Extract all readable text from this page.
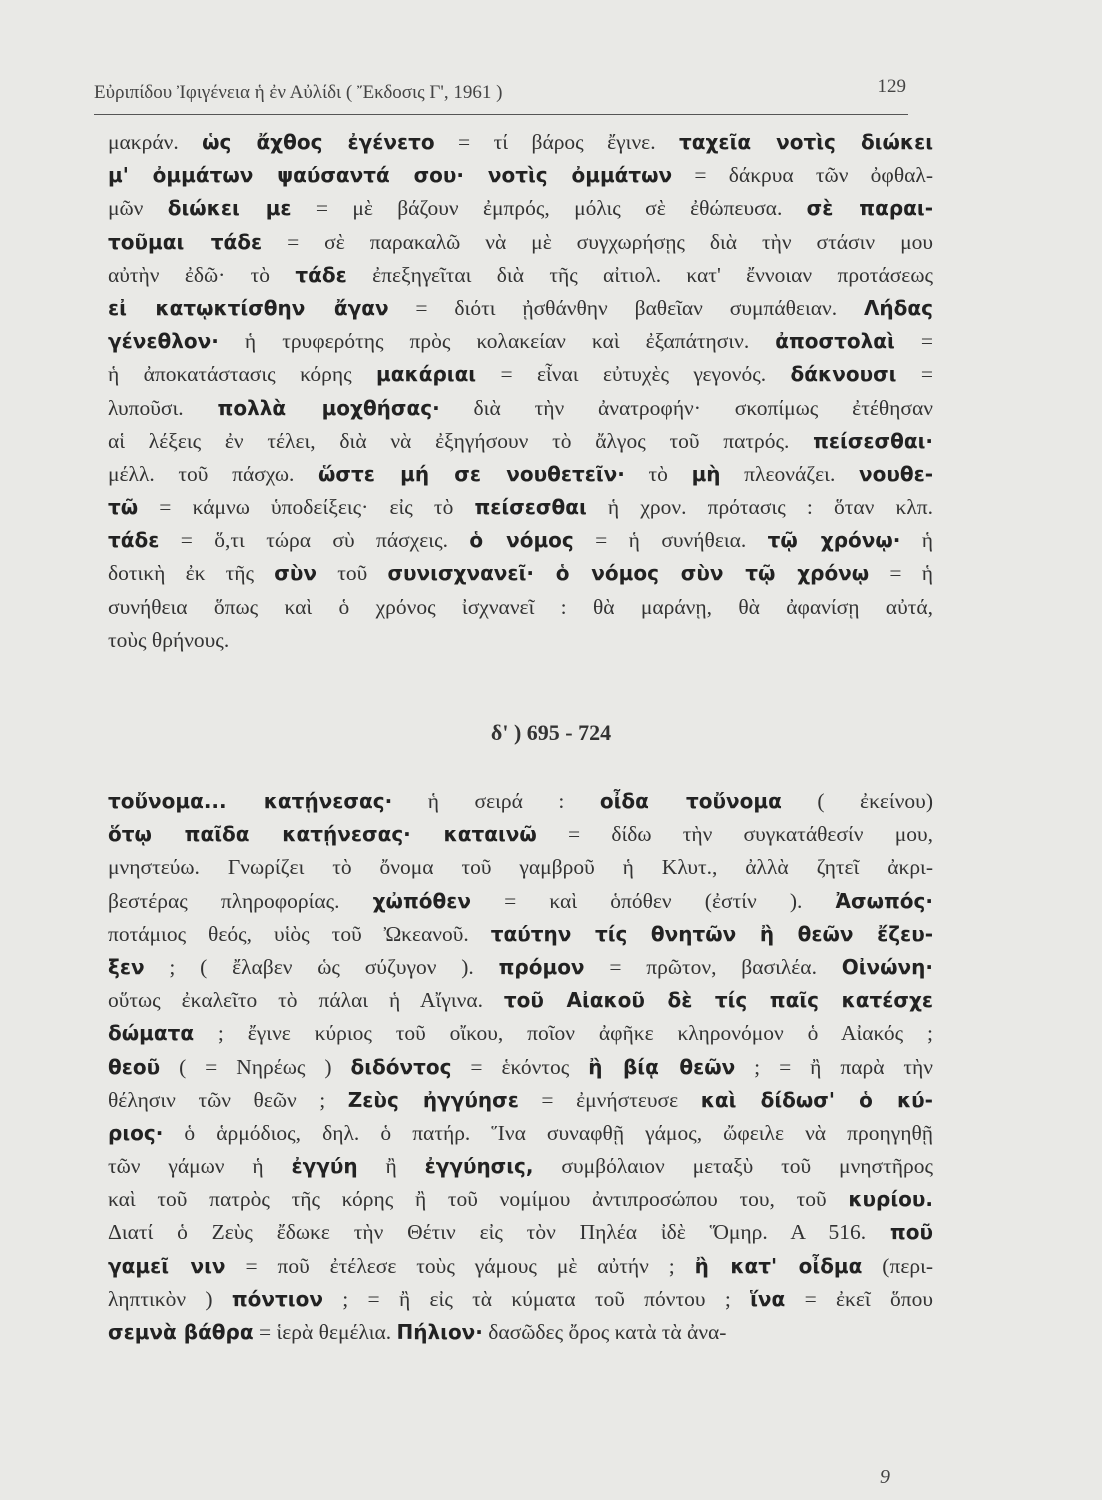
Εὐριπίδου Ἰφιγένεια ἡ ἐν Αὐλίδι ( Ἔκδοσις Γ', 1961 )	129
μακράν. ὡς ἄχθος ἐγένετο = τί βάρος ἔγινε. ταχεῖα νοτὶς διώκει
μ' ὀμμάτων ψαύσαντά σου· νοτὶς ὀμμάτων = δάκρυα τῶν ὀφθαλ-
μῶν διώκει με = μὲ βάζουν ἐμπρός, μόλις σὲ ἐθώπευσα. σὲ παραι-
τοῦμαι τάδε = σὲ παρακαλῶ νὰ μὲ συγχωρήσῃς διὰ τὴν στάσιν μου
αὐτὴν ἐδῶ· τὸ τάδε ἐπεξηγεῖται διὰ τῆς αἰτιολ. κατ' ἔννοιαν προτάσεως
εἰ κατῳκτίσθην ἄγαν = διότι ᾐσθάνθην βαθεῖαν συμπάθειαν. Λήδας
γένεθλον· ἡ τρυφερότης πρὸς κολακείαν καὶ ἐξαπάτησιν. ἀποστολαὶ =
ἡ ἀποκατάστασις κόρης μακάριαι = εἶναι εὐτυχὲς γεγονός. δάκνουσι =
λυποῦσι. πολλὰ μοχθήσας· διὰ τὴν ἀνατροφήν· σκοπίμως ἐτέθησαν
αἱ λέξεις ἐν τέλει, διὰ νὰ ἐξηγήσουν τὸ ἄλγος τοῦ πατρός. πείσεσθαι·
μέλλ. τοῦ πάσχω. ὥστε μή σε νουθετεῖν· τὸ μὴ πλεονάζει. νουθε-
τῶ = κάμνω ὑποδείξεις· εἰς τὸ πείσεσθαι ἡ χρον. πρότασις : ὅταν κλπ.
τάδε = ὅ,τι τώρα σὺ πάσχεις. ὁ νόμος = ἡ συνήθεια. τῷ χρόνῳ· ἡ
δοτικὴ ἐκ τῆς σὺν τοῦ συνισχνανεῖ· ὁ νόμος σὺν τῷ χρόνῳ = ἡ
συνήθεια ὅπως καὶ ὁ χρόνος ἰσχνανεῖ : θὰ μαράνῃ, θὰ ἀφανίσῃ αὐτά,
τοὺς θρήνους.
δ' ) 695 - 724
τοὔνομα... κατῄνεσας· ἡ σειρά : οἶδα τοὔνομα ( ἐκείνου)
ὅτῳ παῖδα κατῄνεσας· καταινῶ = δίδω τὴν συγκατάθεσίν μου,
μνηστεύω. Γνωρίζει τὸ ὄνομα τοῦ γαμβροῦ ἡ Κλυτ., ἀλλὰ ζητεῖ ἀκρι-
βεστέρας πληροφορίας. χὠπόθεν = καὶ ὁπόθεν (ἐστίν ). Ἀσωπός·
ποτάμιος θεός, υἱὸς τοῦ Ὠκεανοῦ. ταύτην τίς θνητῶν ἢ θεῶν ἔζευ-
ξεν ; ( ἔλαβεν ὡς σύζυγον ). πρόμον = πρῶτον, βασιλέα. Οἰνώνη·
οὕτως ἐκαλεῖτο τὸ πάλαι ἡ Αἴγινα. τοῦ Αἰακοῦ δὲ τίς παῖς κατέσχε
δώματα ; ἔγινε κύριος τοῦ οἴκου, ποῖον ἀφῆκε κληρονόμον ὁ Αἰακός ;
θεοῦ ( = Νηρέως ) διδόντος = ἑκόντος ἢ βίᾳ θεῶν ; = ἢ παρὰ τὴν
θέλησιν τῶν θεῶν ; Ζεὺς ἠγγύησε = ἐμνήστευσε καὶ δίδωσ' ὁ κύ-
ριος· ὁ ἁρμόδιος, δηλ. ὁ πατήρ. Ἵνα συναφθῇ γάμος, ὤφειλε νὰ προηγηθῇ
τῶν γάμων ἡ ἐγγύη ἢ ἐγγύησις, συμβόλαιον μεταξὺ τοῦ μνηστῆρος
καὶ τοῦ πατρὸς τῆς κόρης ἢ τοῦ νομίμου ἀντιπροσώπου του, τοῦ κυρίου.
Διατί ὁ Ζεὺς ἔδωκε τὴν Θέτιν εἰς τὸν Πηλέα ἰδὲ Ὅμηρ. Α 516. ποῦ
γαμεῖ νιν = ποῦ ἐτέλεσε τοὺς γάμους μὲ αὐτήν ; ἢ κατ' οἶδμα (περι-
ληπτικὸν ) πόντιον ; = ἢ εἰς τὰ κύματα τοῦ πόντου ; ἵνα = ἐκεῖ ὅπου
σεμνὰ βάθρα = ἱερὰ θεμέλια. Πήλιον· δασῶδες ὄρος κατὰ τὰ ἀνα-
9
